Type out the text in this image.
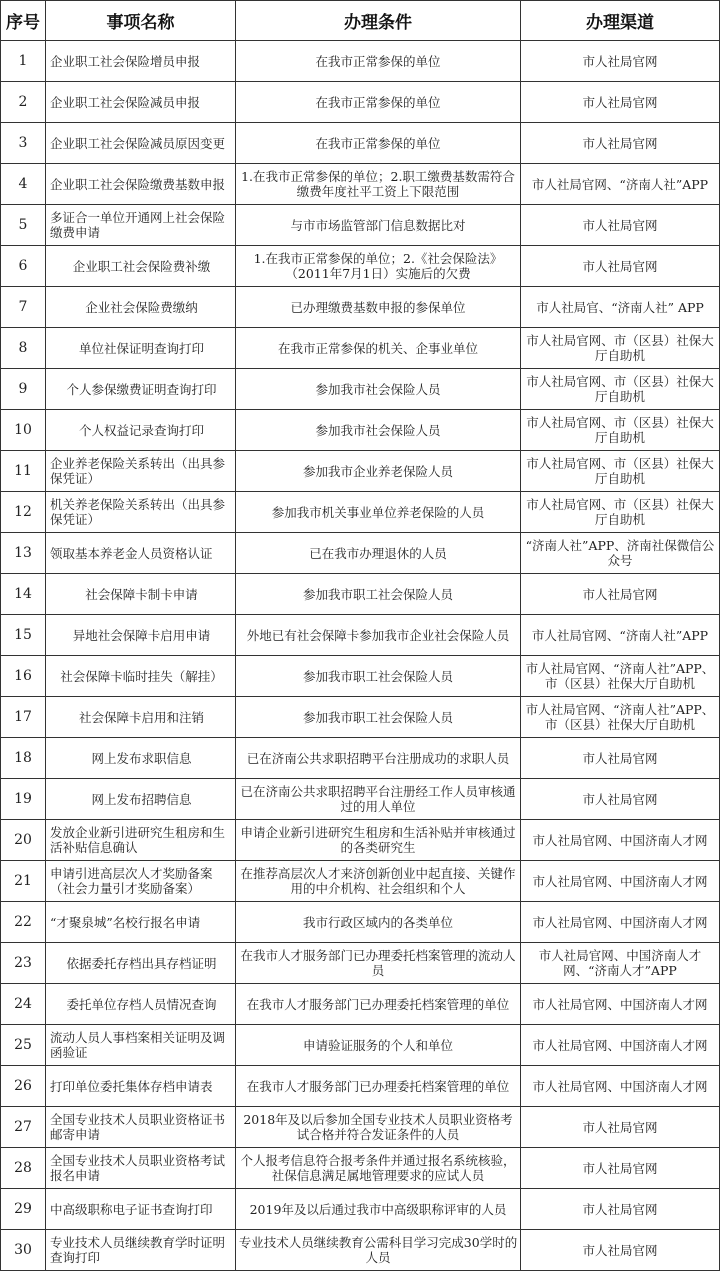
序号	事项名称	办理条件	办理渠道
1	企业职工社会保险增员申报	在我市正常参保的单位	市人社局官网
2	企业职工社会保险减员申报	在我市正常参保的单位	市人社局官网
3	企业职工社会保险减员原因变更	在我市正常参保的单位	市人社局官网
4	企业职工社会保险缴费基数申报	1.在我市正常参保的单位；2.职工缴费基数需符合缴费年度社平工资上下限范围	市人社局官网、“济南人社”APP
5	多证合一单位开通网上社会保险缴费申请	与市市场监管部门信息数据比对	市人社局官网
6	企业职工社会保险费补缴	1.在我市正常参保的单位；2.《社会保险法》（2011年7月1日）实施后的欠费	市人社局官网
7	企业社会保险费缴纳	已办理缴费基数申报的参保单位	市人社局官、“济南人社” APP
8	单位社保证明查询打印	在我市正常参保的机关、企事业单位	市人社局官网、市（区县）社保大厅自助机
9	个人参保缴费证明查询打印	参加我市社会保险人员	市人社局官网、市（区县）社保大厅自助机
10	个人权益记录查询打印	参加我市社会保险人员	市人社局官网、市（区县）社保大厅自助机
11	企业养老保险关系转出（出具参保凭证）	参加我市企业养老保险人员	市人社局官网、市（区县）社保大厅自助机
12	机关养老保险关系转出（出具参保凭证）	参加我市机关事业单位养老保险的人员	市人社局官网、市（区县）社保大厅自助机
13	领取基本养老金人员资格认证	已在我市办理退休的人员	“济南人社”APP、济南社保微信公众号
14	社会保障卡制卡申请	参加我市职工社会保险人员	市人社局官网
15	异地社会保障卡启用申请	外地已有社会保障卡参加我市企业社会保险人员	市人社局官网、“济南人社”APP
16	社会保障卡临时挂失（解挂）	参加我市职工社会保险人员	市人社局官网、“济南人社”APP、市（区县）社保大厅自助机
17	社会保障卡启用和注销	参加我市职工社会保险人员	市人社局官网、“济南人社”APP、市（区县）社保大厅自助机
18	网上发布求职信息	已在济南公共求职招聘平台注册成功的求职人员	市人社局官网
19	网上发布招聘信息	已在济南公共求职招聘平台注册经工作人员审核通过的用人单位	市人社局官网
20	发放企业新引进研究生租房和生活补贴信息确认	申请企业新引进研究生租房和生活补贴并审核通过的各类研究生	市人社局官网、中国济南人才网
21	申请引进高层次人才奖励备案（社会力量引才奖励备案）	在推荐高层次人才来济创新创业中起直接、关键作用的中介机构、社会组织和个人	市人社局官网、中国济南人才网
22	“才聚泉城”名校行报名申请	我市行政区域内的各类单位	市人社局官网、中国济南人才网
23	依据委托存档出具存档证明	在我市人才服务部门已办理委托档案管理的流动人员	市人社局官网、中国济南人才网、“济南人才”APP
24	委托单位存档人员情况查询	在我市人才服务部门已办理委托档案管理的单位	市人社局官网、中国济南人才网
25	流动人员人事档案相关证明及调函验证	申请验证服务的个人和单位	市人社局官网、中国济南人才网
26	打印单位委托集体存档申请表	在我市人才服务部门已办理委托档案管理的单位	市人社局官网、中国济南人才网
27	全国专业技术人员职业资格证书邮寄申请	2018年及以后参加全国专业技术人员职业资格考试合格并符合发证条件的人员	市人社局官网
28	全国专业技术人员职业资格考试报名申请	个人报考信息符合报考条件并通过报名系统核验，社保信息满足属地管理要求的应试人员	市人社局官网
29	中高级职称电子证书查询打印	2019年及以后通过我市中高级职称评审的人员	市人社局官网
30	专业技术人员继续教育学时证明查询打印	专业技术人员继续教育公需科目学习完成30学时的人员	市人社局官网
